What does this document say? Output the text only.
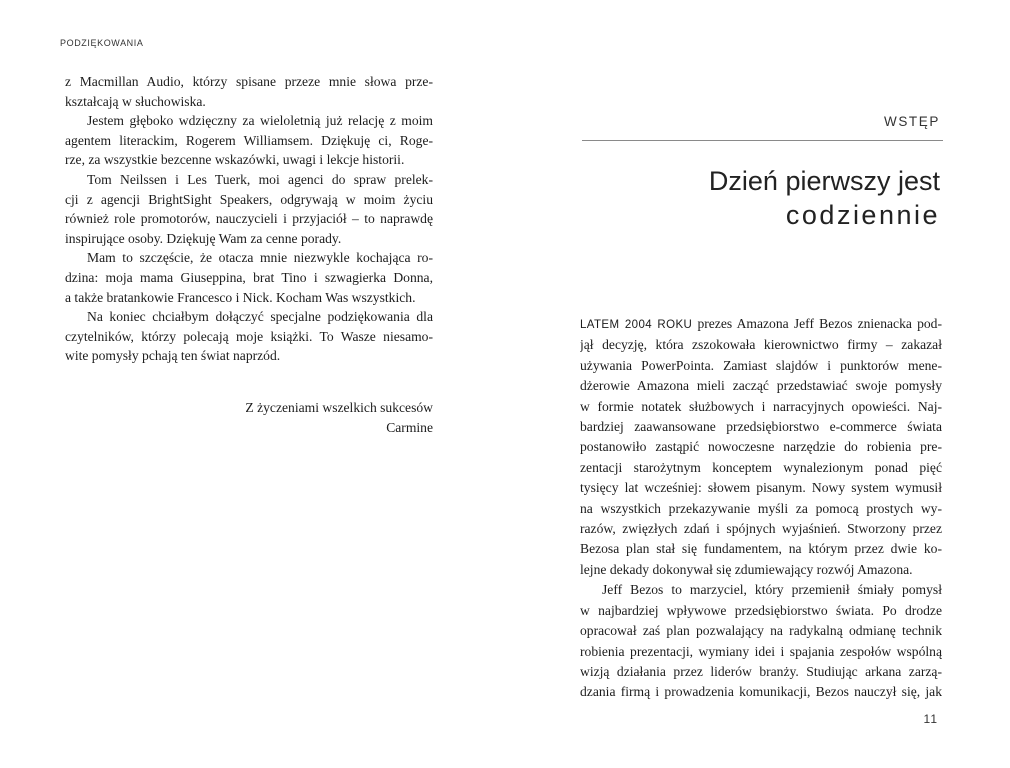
PODZIĘKOWANIA
z Macmillan Audio, którzy spisane przeze mnie słowa prze-
kształcają w słuchowiska.
Jestem głęboko wdzięczny za wieloletnią już relację z moim
agentem literackim, Rogerem Williamsem. Dziękuję ci, Roge-
rze, za wszystkie bezcenne wskazówki, uwagi i lekcje historii.
Tom Neilssen i Les Tuerk, moi agenci do spraw prelek-
cji z agencji BrightSight Speakers, odgrywają w moim życiu
również role promotorów, nauczycieli i przyjaciół – to naprawdę
inspirujące osoby. Dziękuję Wam za cenne porady.
Mam to szczęście, że otacza mnie niezwykle kochająca ro-
dzina: moja mama Giuseppina, brat Tino i szwagierka Donna,
a także bratankowie Francesco i Nick. Kocham Was wszystkich.
Na koniec chciałbym dołączyć specjalne podziękowania dla
czytelników, którzy polecają moje książki. To Wasze niesamo-
wite pomysły pchają ten świat naprzód.
Z życzeniami wszelkich sukcesów
Carmine
WSTĘP
Dzień pierwszy jest
codziennie
LATEM 2004 ROKU prezes Amazona Jeff Bezos znienacka pod-
jął decyzję, która zszokowała kierownictwo firmy – zakazał
używania PowerPointa. Zamiast slajdów i punktorów mene-
dżerowie Amazona mieli zacząć przedstawiać swoje pomysły
w formie notatek służbowych i narracyjnych opowieści. Naj-
bardziej zaawansowane przedsiębiorstwo e-commerce świata
postanowiło zastąpić nowoczesne narzędzie do robienia pre-
zentacji starożytnym konceptem wynalezionym ponad pięć
tysięcy lat wcześniej: słowem pisanym. Nowy system wymusił
na wszystkich przekazywanie myśli za pomocą prostych wy-
razów, zwięzłych zdań i spójnych wyjaśnień. Stworzony przez
Bezosa plan stał się fundamentem, na którym przez dwie ko-
lejne dekady dokonywał się zdumiewający rozwój Amazona.
Jeff Bezos to marzyciel, który przemienił śmiały pomysł
w najbardziej wpływowe przedsiębiorstwo świata. Po drodze
opracował zaś plan pozwalający na radykalną odmianę technik
robienia prezentacji, wymiany idei i spajania zespołów wspólną
wizją działania przez liderów branży. Studiując arkana zarzą-
dzania firmą i prowadzenia komunikacji, Bezos nauczył się, jak
11
